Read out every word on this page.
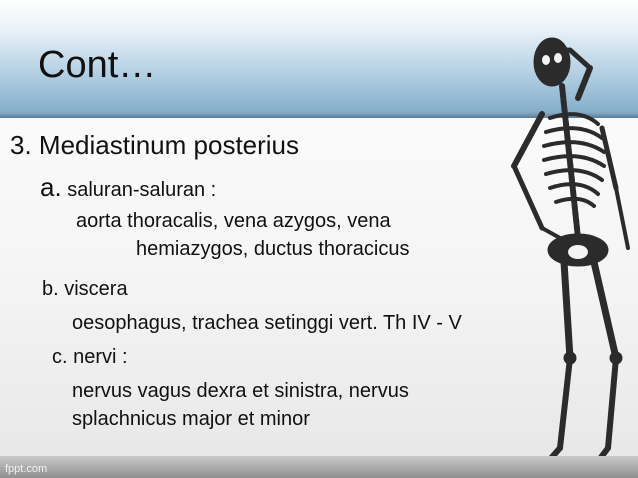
Cont…
3. Mediastinum posterius
a. saluran-saluran :
aorta thoracalis, vena azygos, vena
hemiazygos, ductus thoracicus
b. viscera
oesophagus, trachea setinggi vert. Th IV - V
c. nervi :
nervus vagus dexra et sinistra, nervus
splachnicus major et minor
fppt.com
